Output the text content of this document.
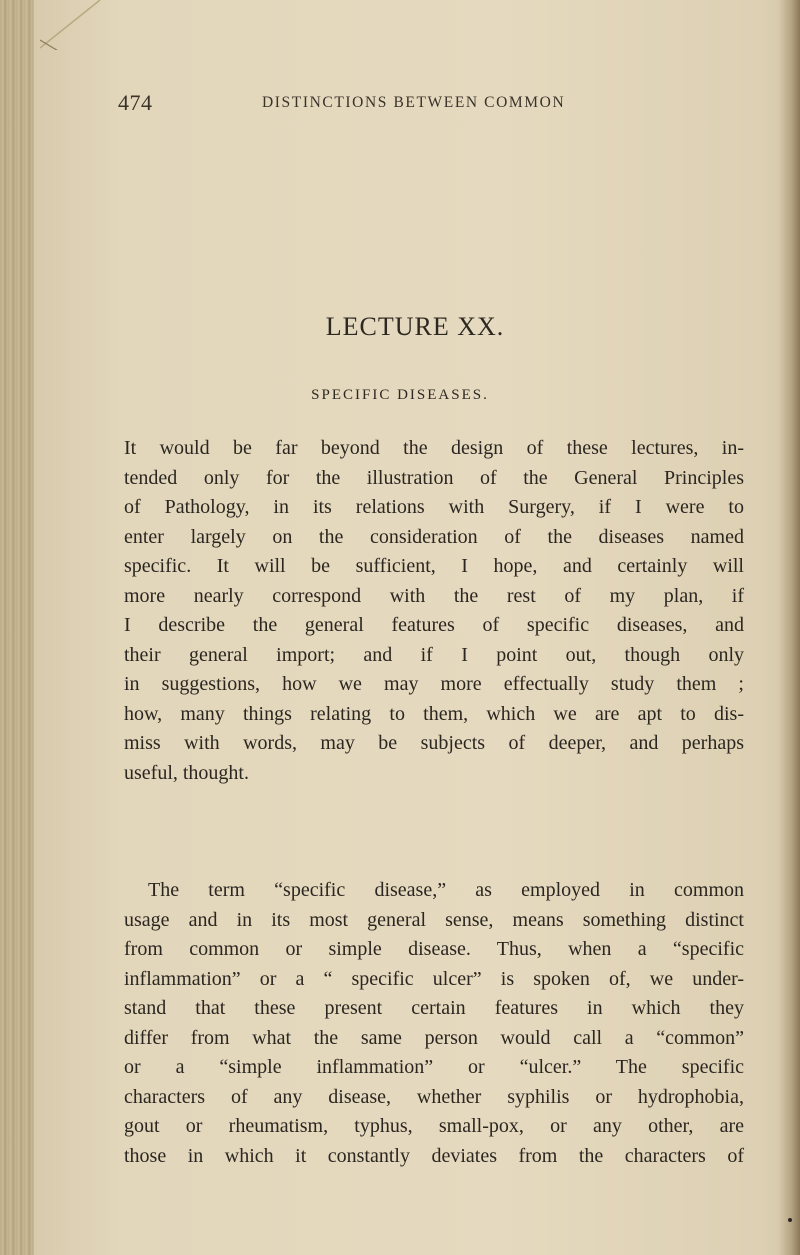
474	DISTINCTIONS BETWEEN COMMON
LECTURE XX.
SPECIFIC DISEASES.
It would be far beyond the design of these lectures, in-
tended only for the illustration of the General Principles
of Pathology, in its relations with Surgery, if I were to
enter largely on the consideration of the diseases named
specific. It will be sufficient, I hope, and certainly will
more nearly correspond with the rest of my plan, if
I describe the general features of specific diseases, and
their general import; and if I point out, though only
in suggestions, how we may more effectually study them ;
how, many things relating to them, which we are apt to dis-
miss with words, may be subjects of deeper, and perhaps
useful, thought.
The term “specific disease,” as employed in common
usage and in its most general sense, means something distinct
from common or simple disease. Thus, when a “specific
inflammation” or a “ specific ulcer” is spoken of, we under-
stand that these present certain features in which they
differ from what the same person would call a “common”
or a “simple inflammation” or “ulcer.” The specific
characters of any disease, whether syphilis or hydrophobia,
gout or rheumatism, typhus, small-pox, or any other, are
those in which it constantly deviates from the characters of
